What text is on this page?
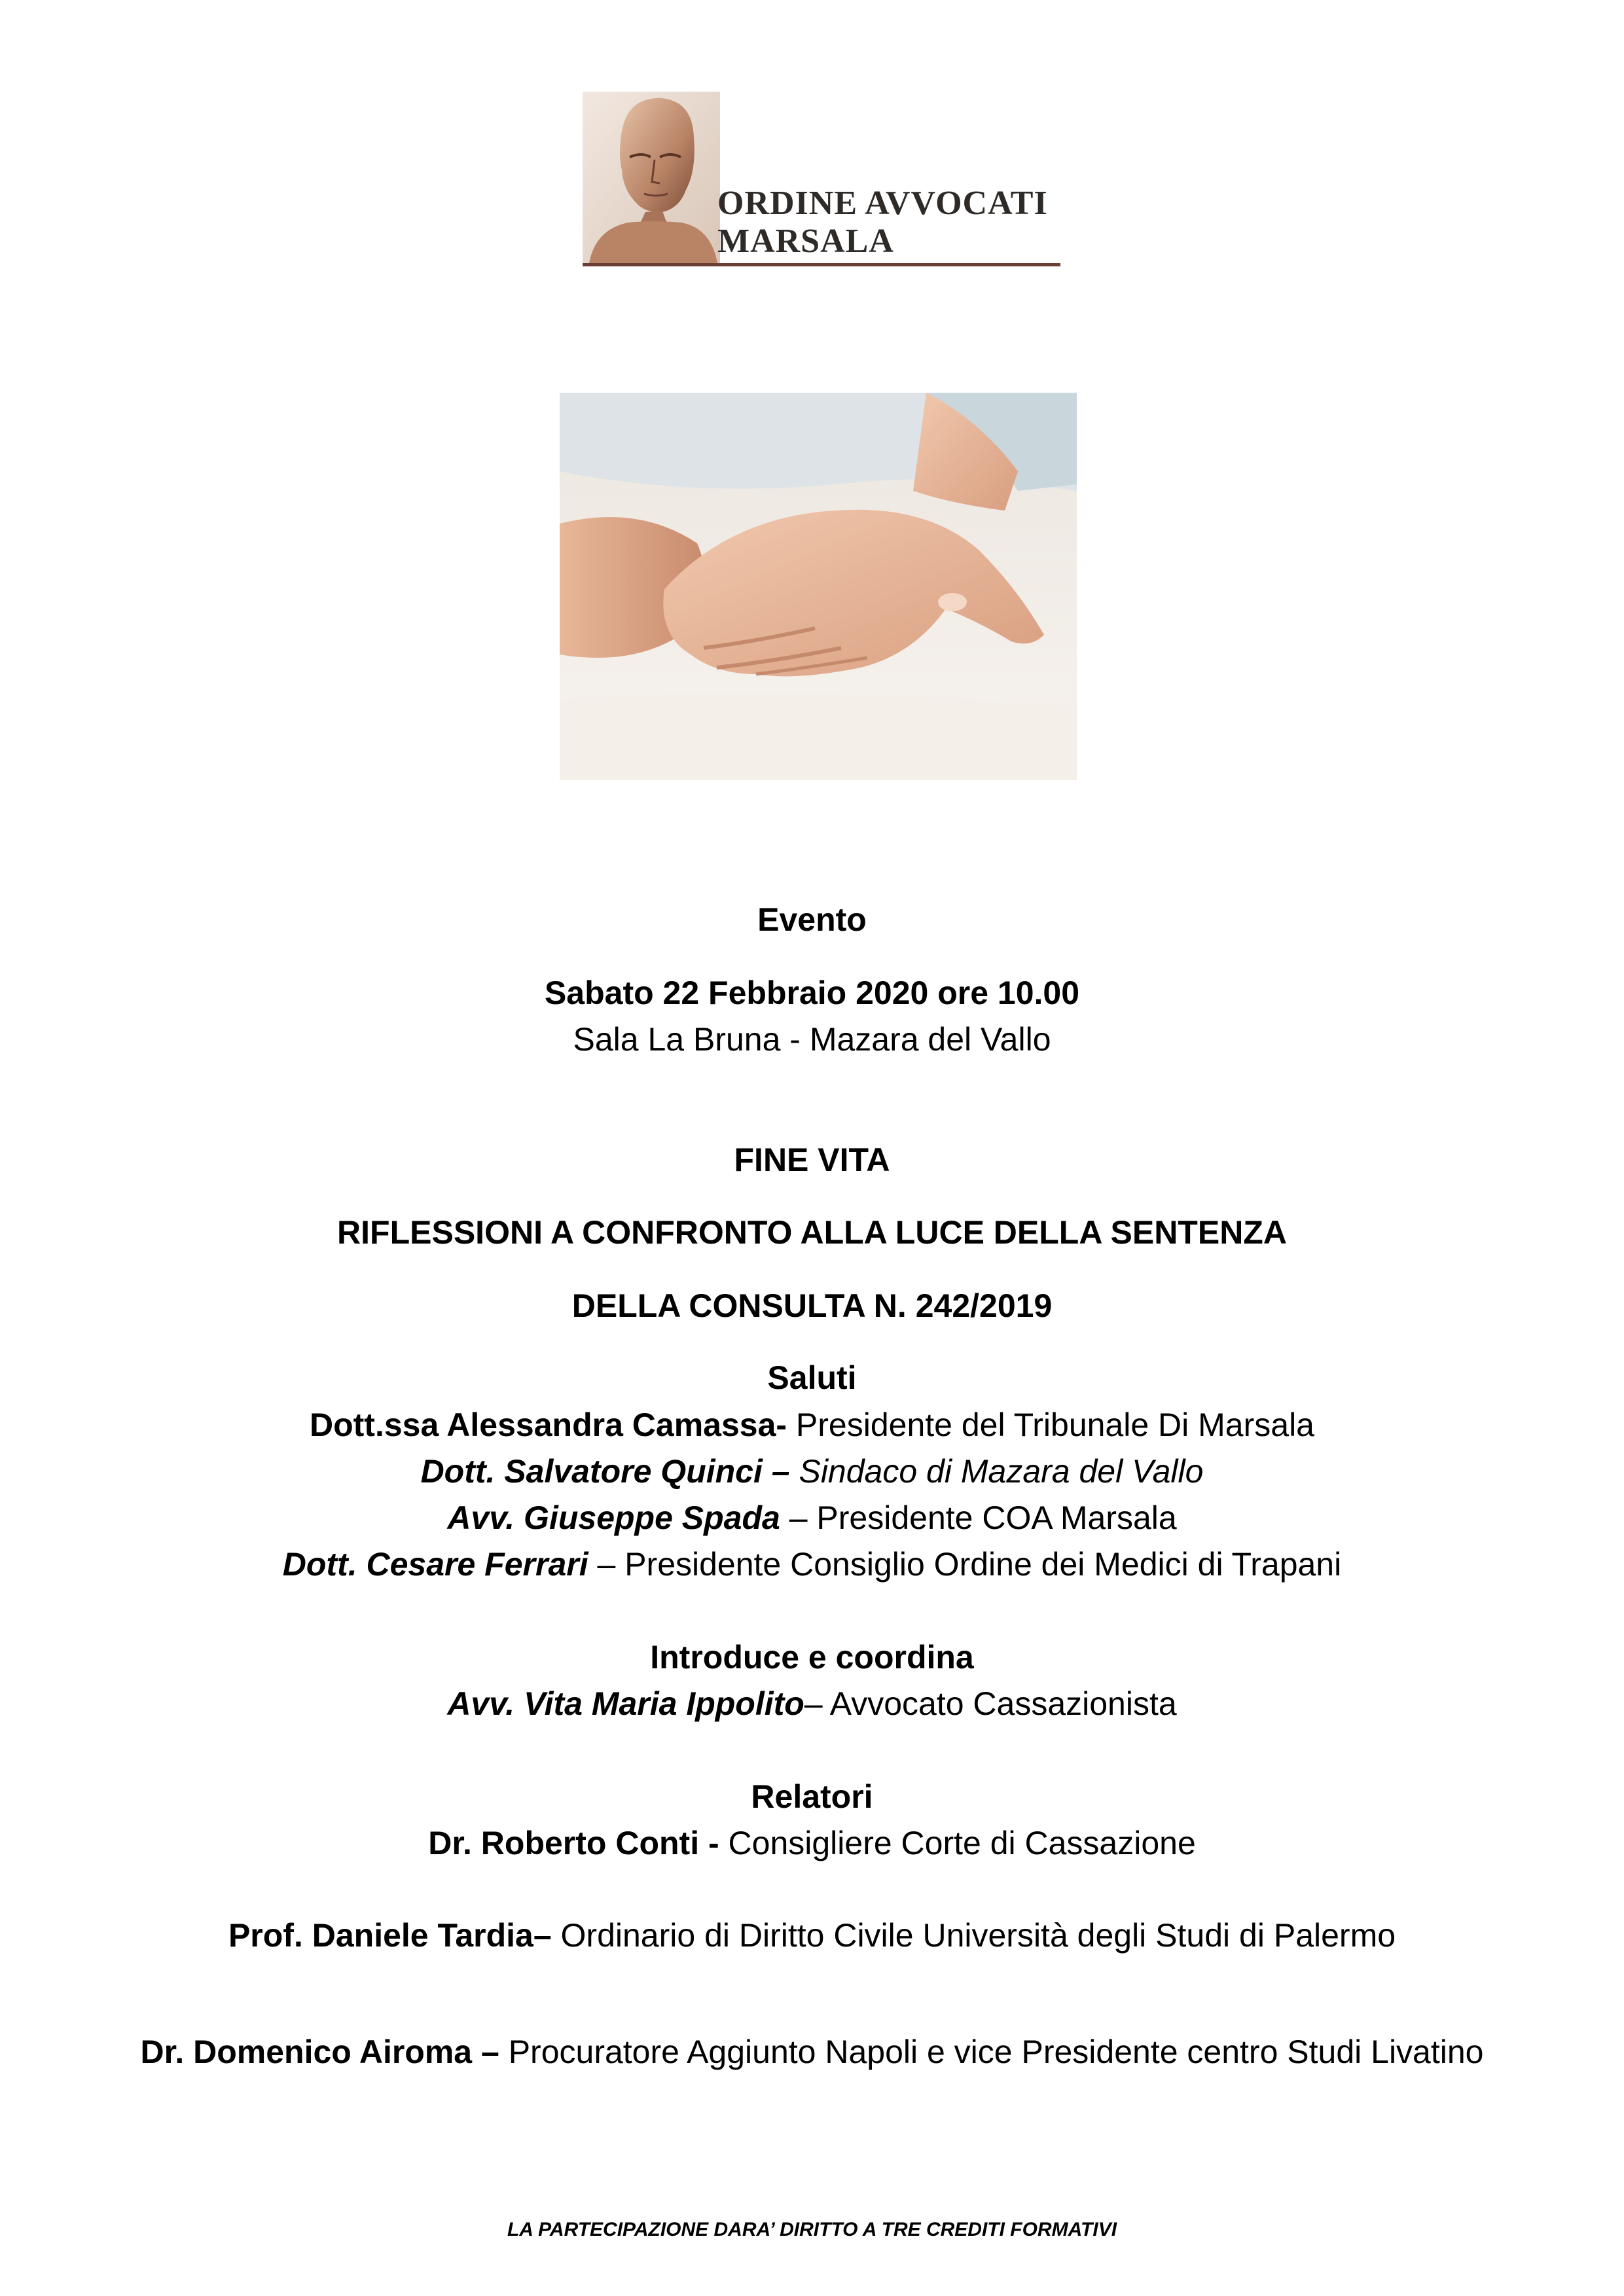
ORDINE AVVOCATI
MARSALA
Evento
Sabato 22 Febbraio 2020 ore 10.00
Sala La Bruna - Mazara del Vallo
FINE VITA
RIFLESSIONI A CONFRONTO ALLA LUCE DELLA SENTENZA
DELLA CONSULTA N. 242/2019
Saluti
Dott.ssa Alessandra Camassa- Presidente del Tribunale Di Marsala
Dott. Salvatore Quinci – Sindaco di Mazara del Vallo
Avv. Giuseppe Spada – Presidente COA Marsala
Dott. Cesare Ferrari – Presidente Consiglio Ordine dei Medici di Trapani
Introduce e coordina
Avv. Vita Maria Ippolito– Avvocato Cassazionista
Relatori
Dr. Roberto Conti - Consigliere Corte di Cassazione
Prof. Daniele Tardia– Ordinario di Diritto Civile Università degli Studi di Palermo
Dr. Domenico Airoma – Procuratore Aggiunto Napoli e vice Presidente centro Studi Livatino
LA PARTECIPAZIONE DARA’ DIRITTO A TRE CREDITI FORMATIVI
